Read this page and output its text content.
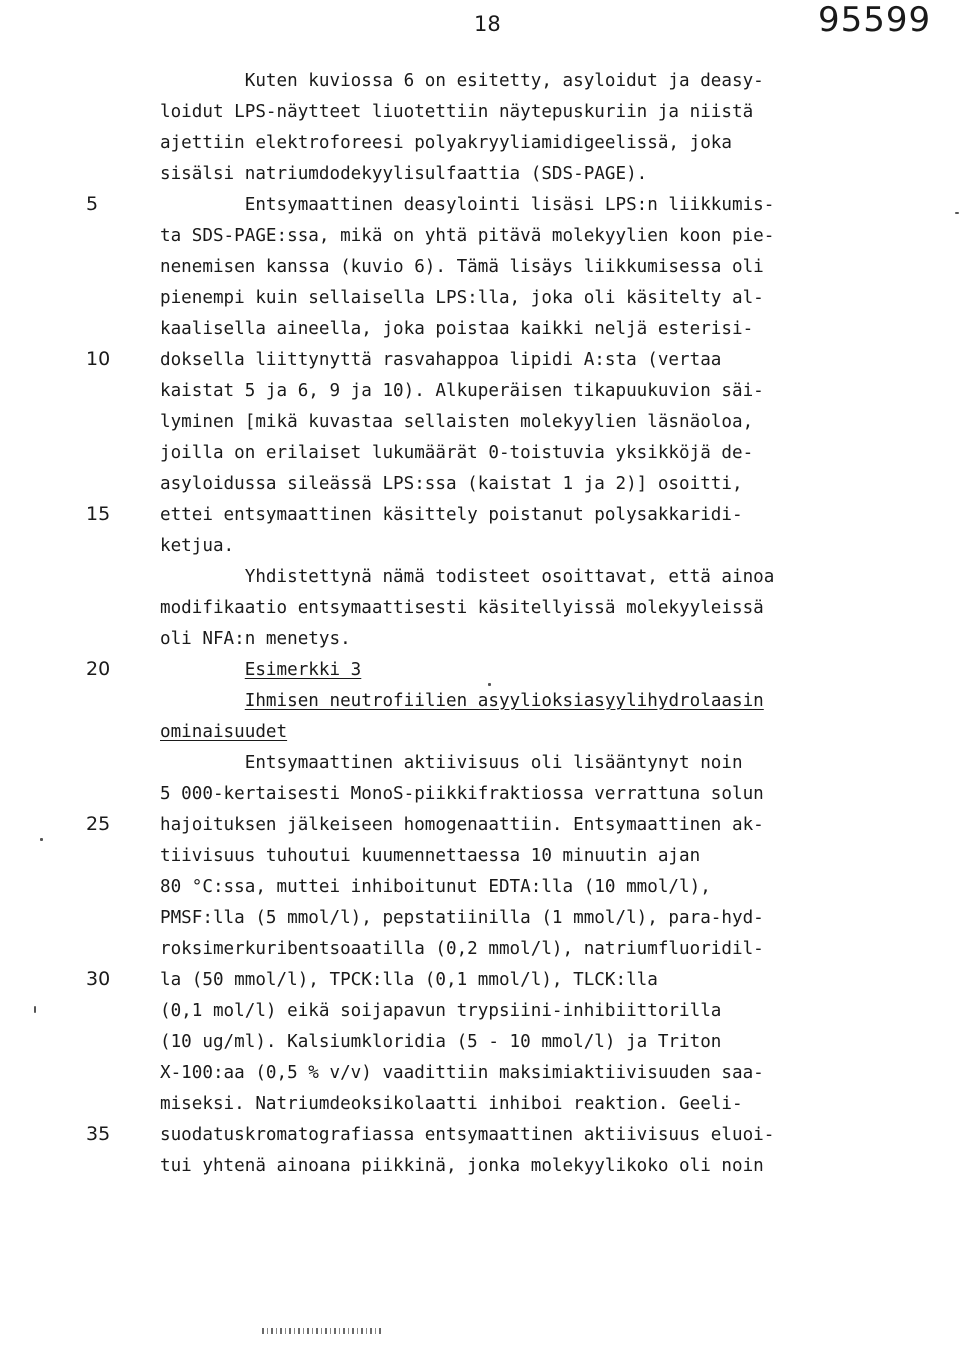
18	95599
5
10
15
20
25
30
35
Kuten kuviossa 6 on esitetty, asyloidut ja deasy-
loidut LPS-näytteet liuotettiin näytepuskuriin ja niistä
ajettiin elektroforeesi polyakryyliamidigeelissä, joka
sisälsi natriumdodekyylisulfaattia (SDS-PAGE).
Entsymaattinen deasylointi lisäsi LPS:n liikkumis-
ta SDS-PAGE:ssa, mikä on yhtä pitävä molekyylien koon pie-
nenemisen kanssa (kuvio 6). Tämä lisäys liikkumisessa oli
pienempi kuin sellaisella LPS:lla, joka oli käsitelty al-
kaalisella aineella, joka poistaa kaikki neljä esterisi-
doksella liittynyttä rasvahappoa lipidi A:sta (vertaa
kaistat 5 ja 6, 9 ja 10). Alkuperäisen tikapuukuvion säi-
lyminen [mikä kuvastaa sellaisten molekyylien läsnäoloa,
joilla on erilaiset lukumäärät 0-toistuvia yksikköjä de-
asyloidussa sileässä LPS:ssa (kaistat 1 ja 2)] osoitti,
ettei entsymaattinen käsittely poistanut polysakkaridi-
ketjua.
Yhdistettynä nämä todisteet osoittavat, että ainoa
modifikaatio entsymaattisesti käsitellyissä molekyyleissä
oli NFA:n menetys.
Esimerkki 3
Ihmisen neutrofiilien asyylioksiasyylihydrolaasin
ominaisuudet
Entsymaattinen aktiivisuus oli lisääntynyt noin
5 000-kertaisesti MonoS-piikkifraktiossa verrattuna solun
hajoituksen jälkeiseen homogenaattiin. Entsymaattinen ak-
tiivisuus tuhoutui kuumennettaessa 10 minuutin ajan
80 °C:ssa, muttei inhiboitunut EDTA:lla (10 mmol/l),
PMSF:lla (5 mmol/l), pepstatiinilla (1 mmol/l), para-hyd-
roksimerkuribentsoaatilla (0,2 mmol/l), natriumfluoridil-
la (50 mmol/l), TPCK:lla (0,1 mmol/l), TLCK:lla
(0,1 mol/l) eikä soijapavun trypsiini-inhibiittorilla
(10 ug/ml). Kalsiumkloridia (5 - 10 mmol/l) ja Triton
X-100:aa (0,5 % v/v) vaadittiin maksimiaktiivisuuden saa-
miseksi. Natriumdeoksikolaatti inhiboi reaktion. Geeli-
suodatuskromatografiassa entsymaattinen aktiivisuus eluoi-
tui yhtenä ainoana piikkinä, jonka molekyylikoko oli noin
